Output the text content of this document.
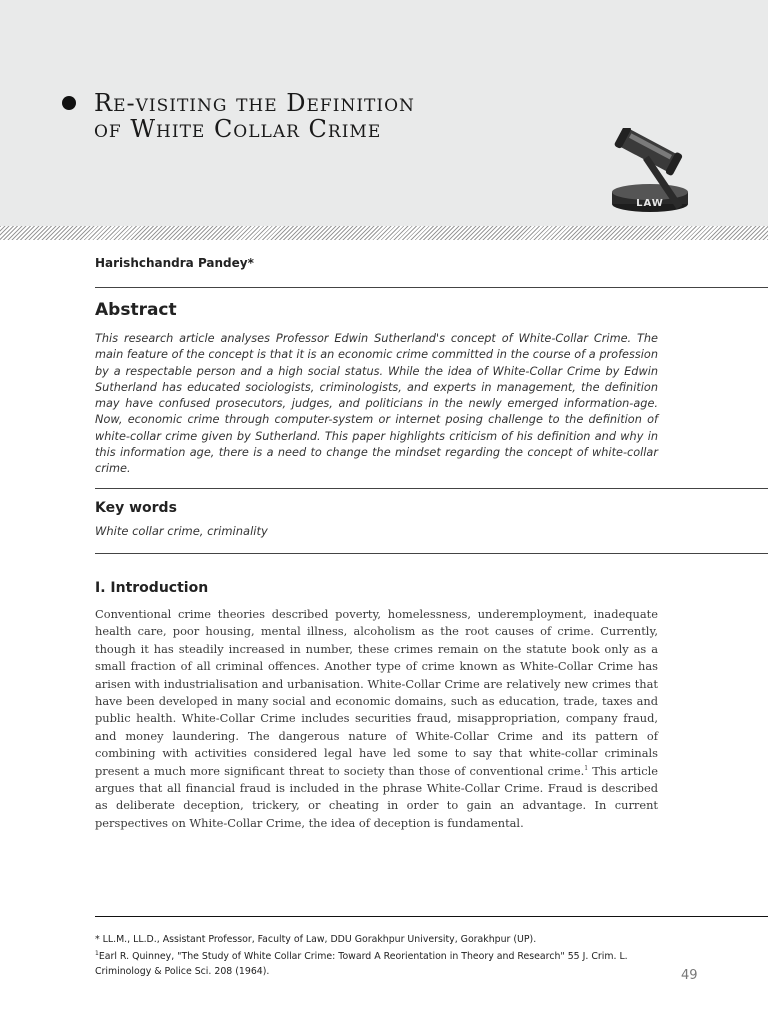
Re-visiting the Definition
of White Collar Crime
LAW

Harishchandra Pandey*

Abstract

This research article analyses Professor Edwin Sutherland's concept of White-Collar Crime. The main feature of the concept is that it is an economic crime committed in the course of a profession by a respectable person and a high social status. While the idea of White-Collar Crime by Edwin Sutherland has educated sociologists, criminologists, and experts in management, the definition may have confused prosecutors, judges, and politicians in the newly emerged information-age. Now, economic crime through computer-system or internet posing challenge to the definition of white-collar crime given by Sutherland. This paper highlights criticism of his definition and why in this information age, there is a need to change the mindset regarding the concept of white-collar crime.

Key words

White collar crime, criminality

I. Introduction

Conventional crime theories described poverty, homelessness, underemployment, inadequate health care, poor housing, mental illness, alcoholism as the root causes of crime. Currently, though it has steadily increased in number, these crimes remain on the statute book only as a small fraction of all criminal offences. Another type of crime known as White-Collar Crime has arisen with industrialisation and urbanisation. White-Collar Crime are relatively new crimes that have been developed in many social and economic domains, such as education, trade, taxes and public health. White-Collar Crime includes securities fraud, misappropriation, company fraud, and money laundering. The dangerous nature of White-Collar Crime and its pattern of combining with activities considered legal have led some to say that white-collar criminals present a much more significant threat to society than those of conventional crime.$^1$ This article argues that all financial fraud is included in the phrase White-Collar Crime. Fraud is described as deliberate deception, trickery, or cheating in order to gain an advantage. In current perspectives on White-Collar Crime, the idea of deception is fundamental.

* LL.M., LL.D., Assistant Professor, Faculty of Law, DDU Gorakhpur University, Gorakhpur (UP).

$^1$Earl R. Quinney, "The Study of White Collar Crime: Toward A Reorientation in Theory and Research" 55 J. Crim. L. Criminology & Police Sci. 208 (1964).	49
